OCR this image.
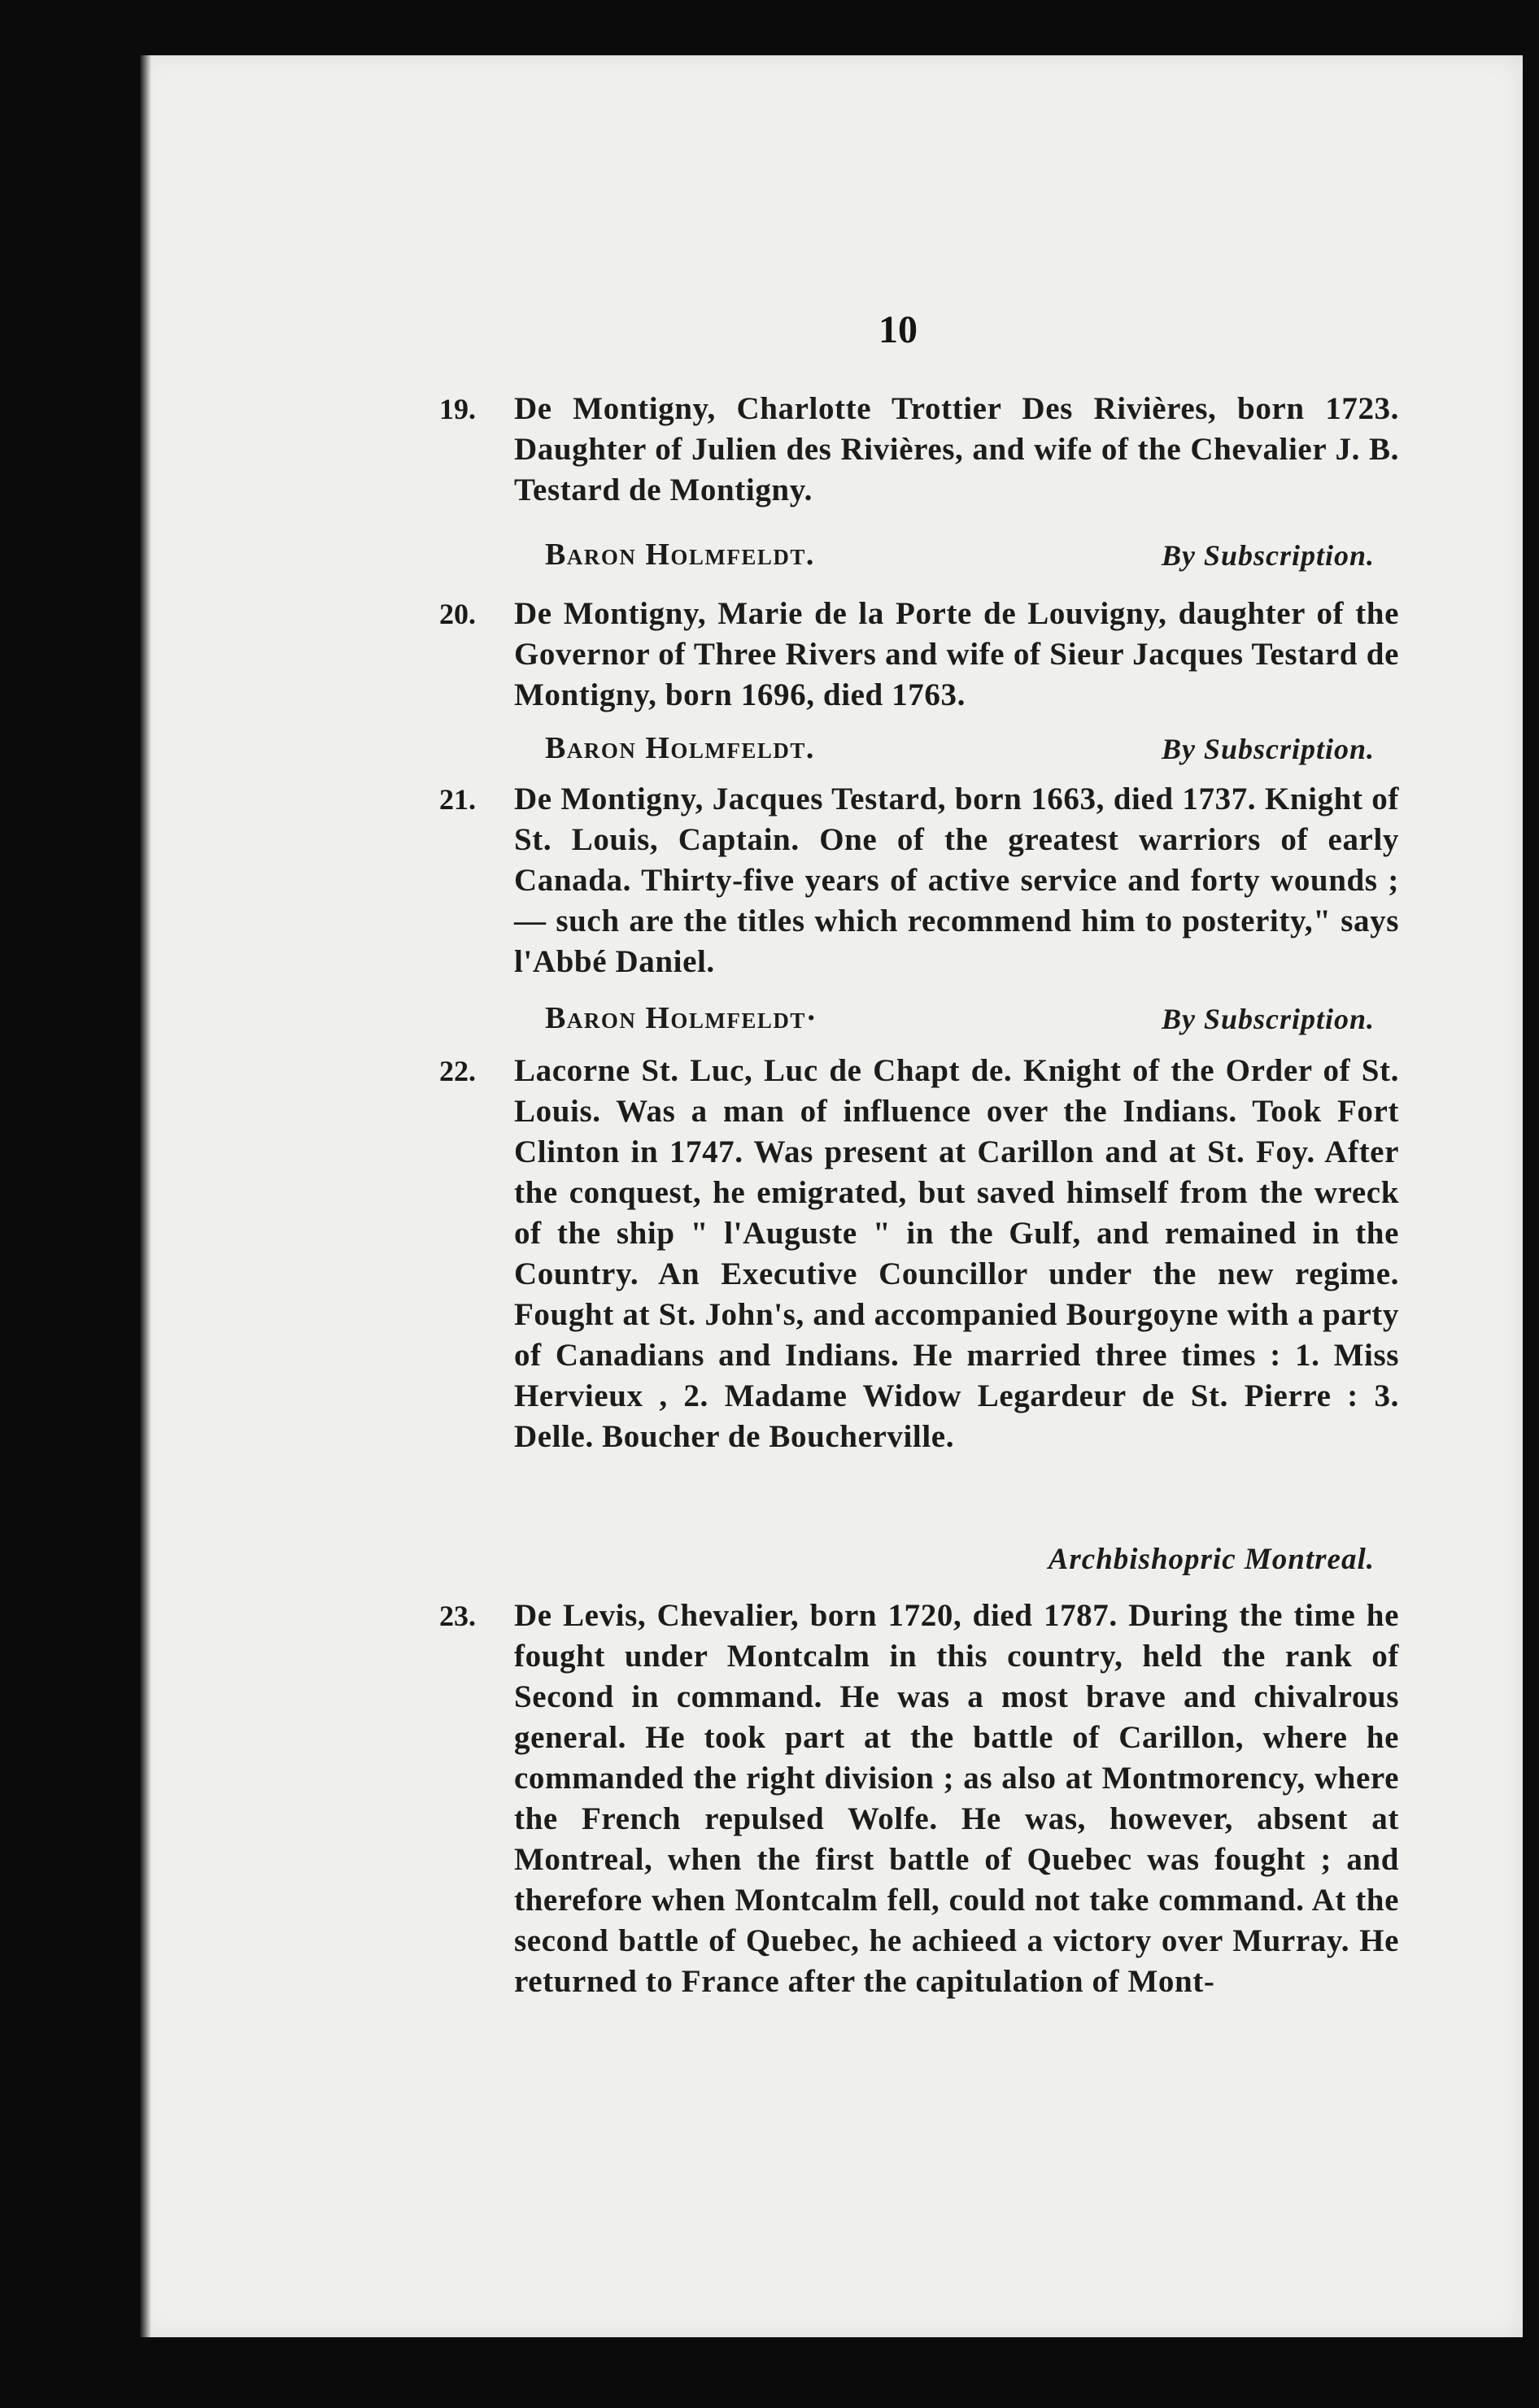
10
19. De Montigny, Charlotte Trottier Des Rivières, born 1723. Daughter of Julien des Rivières, and wife of the Chevalier J. B. Testard de Montigny.
Baron Holmfeldt.	By Subscription.
20. De Montigny, Marie de la Porte de Louvigny, daughter of the Governor of Three Rivers and wife of Sieur Jacques Testard de Montigny, born 1696, died 1763.
Baron Holmfeldt.	By Subscription.
21. De Montigny, Jacques Testard, born 1663, died 1737. Knight of St. Louis, Captain. One of the greatest warriors of early Canada. Thirty-five years of active service and forty wounds ; — such are the titles which recommend him to posterity," says l'Abbé Daniel.
Baron Holmfeldt·	By Subscription.
22. Lacorne St. Luc, Luc de Chapt de. Knight of the Order of St. Louis. Was a man of influence over the Indians. Took Fort Clinton in 1747. Was present at Carillon and at St. Foy. After the conquest, he emigrated, but saved himself from the wreck of the ship " l'Auguste " in the Gulf, and remained in the Country. An Executive Councillor under the new regime. Fought at St. John's, and accompanied Bourgoyne with a party of Canadians and Indians. He married three times : 1. Miss Hervieux , 2. Madame Widow Legardeur de St. Pierre : 3. Delle. Boucher de Boucherville.
Archbishopric Montreal.
23. De Levis, Chevalier, born 1720, died 1787. During the time he fought under Montcalm in this country, held the rank of Second in command. He was a most brave and chivalrous general. He took part at the battle of Carillon, where he commanded the right division ; as also at Montmorency, where the French repulsed Wolfe. He was, however, absent at Montreal, when the first battle of Quebec was fought ; and therefore when Montcalm fell, could not take command. At the second battle of Quebec, he achieed a victory over Murray. He returned to France after the capitulation of Mont-
